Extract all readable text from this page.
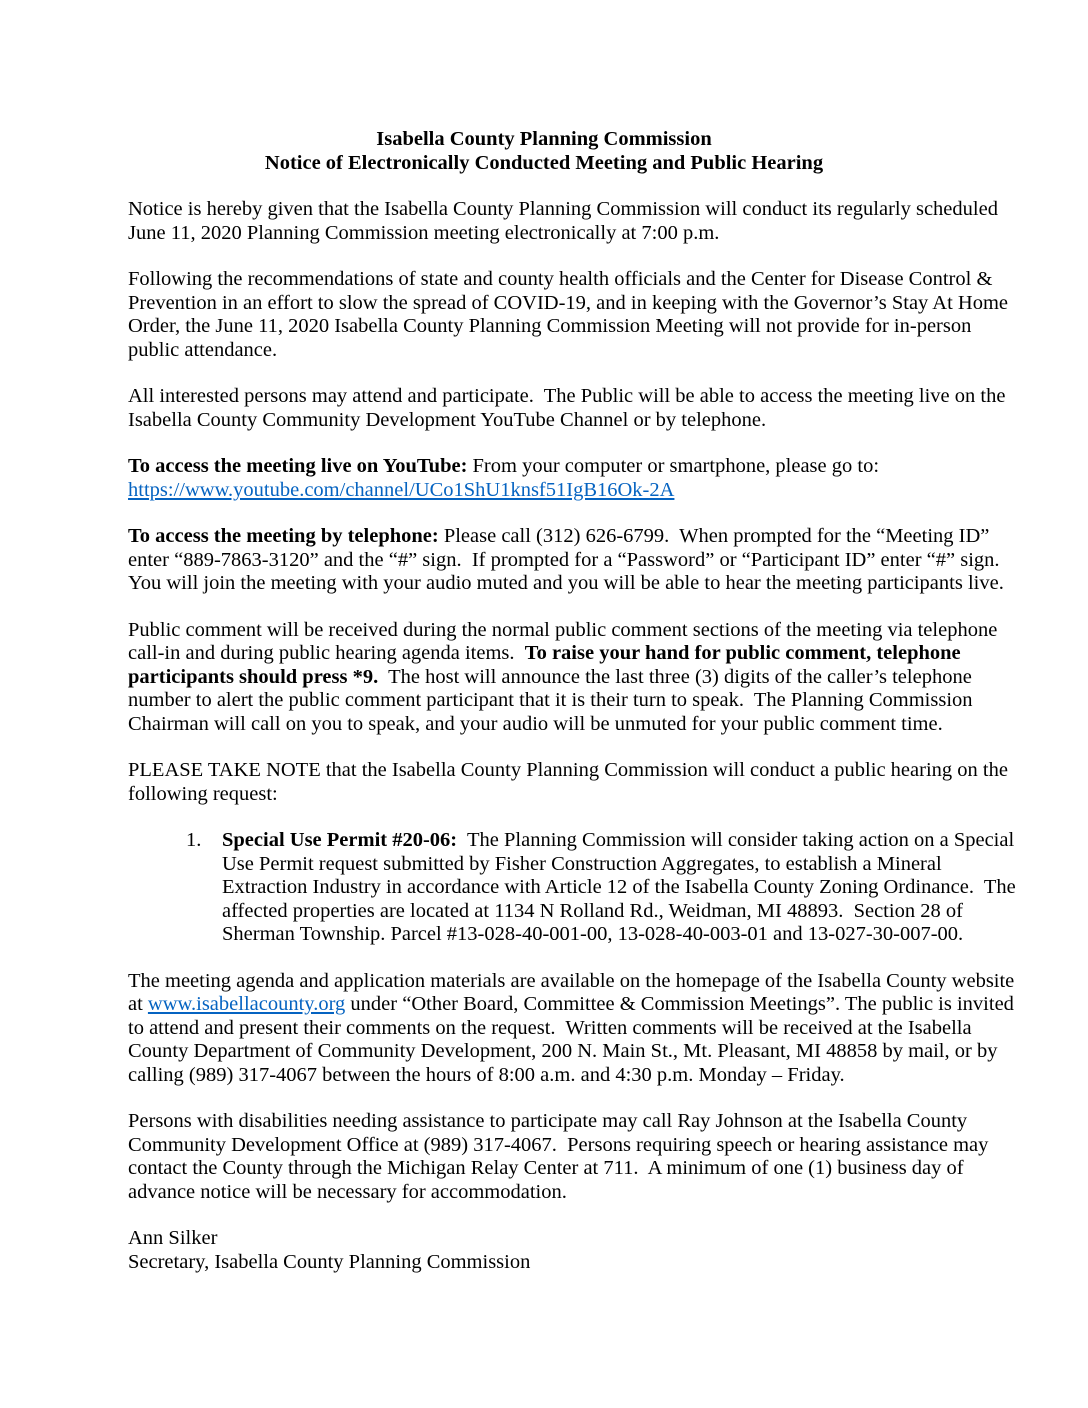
Isabella County Planning Commission
Notice of Electronically Conducted Meeting and Public Hearing

Notice is hereby given that the Isabella County Planning Commission will conduct its regularly scheduled June 11, 2020 Planning Commission meeting electronically at 7:00 p.m.

Following the recommendations of state and county health officials and the Center for Disease Control & Prevention in an effort to slow the spread of COVID-19, and in keeping with the Governor’s Stay At Home Order, the June 11, 2020 Isabella County Planning Commission Meeting will not provide for in-person public attendance.

All interested persons may attend and participate.  The Public will be able to access the meeting live on the Isabella County Community Development YouTube Channel or by telephone.

To access the meeting live on YouTube: From your computer or smartphone, please go to:
https://www.youtube.com/channel/UCo1ShU1knsf51IgB16Ok-2A

To access the meeting by telephone: Please call (312) 626-6799.  When prompted for the “Meeting ID” enter “889-7863-3120” and the “#” sign.  If prompted for a “Password” or “Participant ID” enter “#” sign.  You will join the meeting with your audio muted and you will be able to hear the meeting participants live.

Public comment will be received during the normal public comment sections of the meeting via telephone call-in and during public hearing agenda items.  To raise your hand for public comment, telephone participants should press *9.  The host will announce the last three (3) digits of the caller’s telephone number to alert the public comment participant that it is their turn to speak.  The Planning Commission Chairman will call on you to speak, and your audio will be unmuted for your public comment time.

PLEASE TAKE NOTE that the Isabella County Planning Commission will conduct a public hearing on the following request:

1.	Special Use Permit #20-06:  The Planning Commission will consider taking action on a Special Use Permit request submitted by Fisher Construction Aggregates, to establish a Mineral Extraction Industry in accordance with Article 12 of the Isabella County Zoning Ordinance.  The affected properties are located at 1134 N Rolland Rd., Weidman, MI 48893.  Section 28 of Sherman Township. Parcel #13-028-40-001-00, 13-028-40-003-01 and 13-027-30-007-00.

The meeting agenda and application materials are available on the homepage of the Isabella County website at www.isabellacounty.org under “Other Board, Committee & Commission Meetings”. The public is invited to attend and present their comments on the request.  Written comments will be received at the Isabella County Department of Community Development, 200 N. Main St., Mt. Pleasant, MI 48858 by mail, or by calling (989) 317-4067 between the hours of 8:00 a.m. and 4:30 p.m. Monday – Friday.

Persons with disabilities needing assistance to participate may call Ray Johnson at the Isabella County Community Development Office at (989) 317-4067.  Persons requiring speech or hearing assistance may contact the County through the Michigan Relay Center at 711.  A minimum of one (1) business day of advance notice will be necessary for accommodation.

Ann Silker
Secretary, Isabella County Planning Commission
